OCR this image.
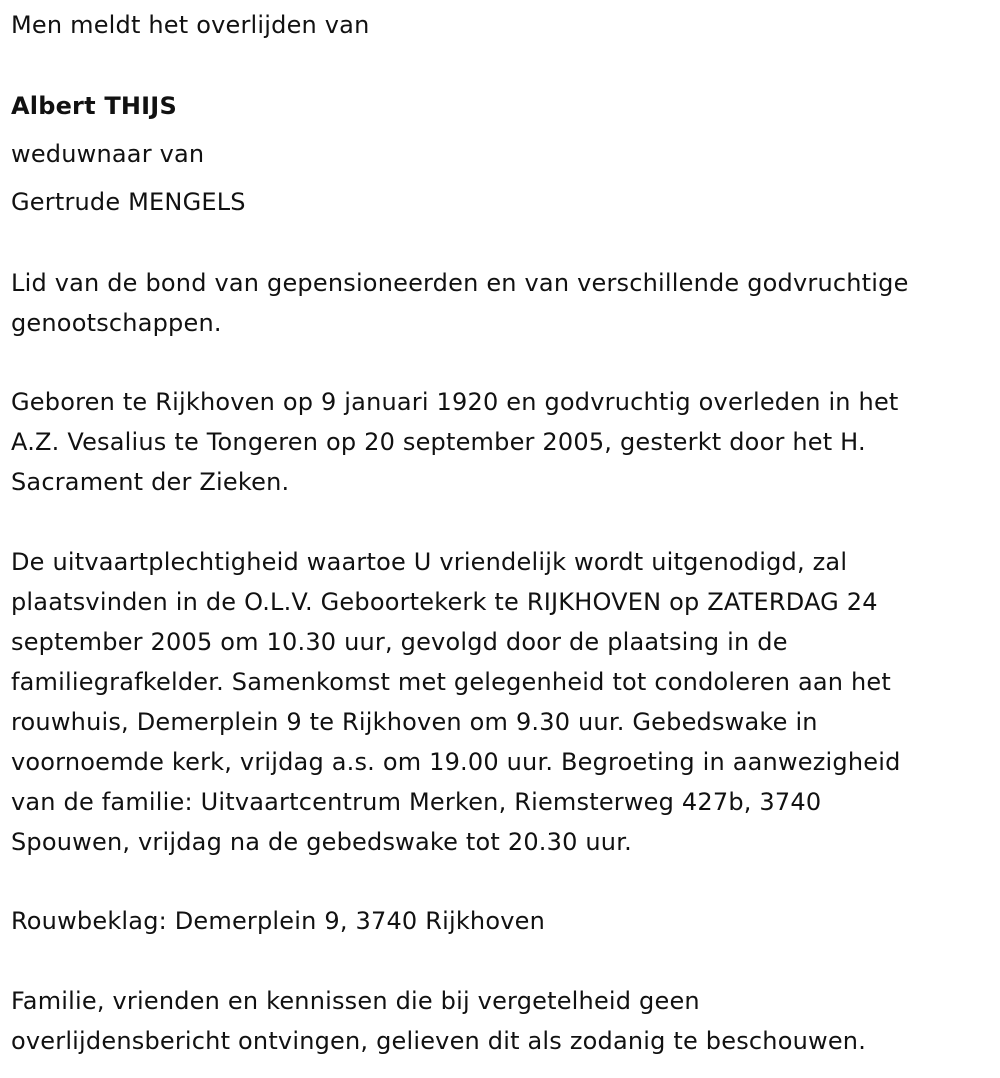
Men meldt het overlijden van
Albert THIJS
weduwnaar van
Gertrude MENGELS
Lid van de bond van gepensioneerden en van verschillende godvruchtige
genootschappen.
Geboren te Rijkhoven op 9 januari 1920 en godvruchtig overleden in het
A.Z. Vesalius te Tongeren op 20 september 2005, gesterkt door het H.
Sacrament der Zieken.
De uitvaartplechtigheid waartoe U vriendelijk wordt uitgenodigd, zal
plaatsvinden in de O.L.V. Geboortekerk te RIJKHOVEN op ZATERDAG 24
september 2005 om 10.30 uur, gevolgd door de plaatsing in de
familiegrafkelder. Samenkomst met gelegenheid tot condoleren aan het
rouwhuis, Demerplein 9 te Rijkhoven om 9.30 uur. Gebedswake in
voornoemde kerk, vrijdag a.s. om 19.00 uur. Begroeting in aanwezigheid
van de familie: Uitvaartcentrum Merken, Riemsterweg 427b, 3740
Spouwen, vrijdag na de gebedswake tot 20.30 uur.
Rouwbeklag: Demerplein 9, 3740 Rijkhoven
Familie, vrienden en kennissen die bij vergetelheid geen
overlijdensbericht ontvingen, gelieven dit als zodanig te beschouwen.
